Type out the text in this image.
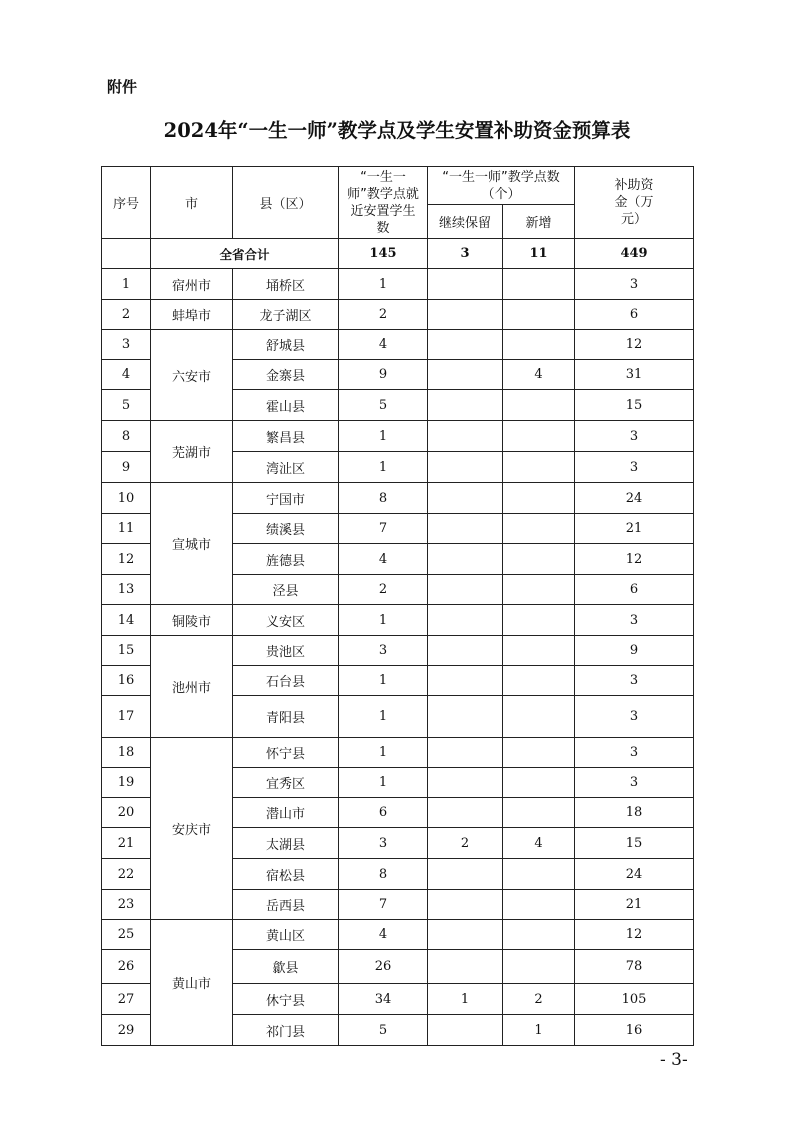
附件
2024年“一生一师”教学点及学生安置补助资金预算表
序号	市	县（区）	“一生一师”教学点就近安置学生数	“一生一师”教学点数（个）		补助资金（万元）
				继续保留	新增	
	全省合计		145	3	11	449
1	宿州市	埇桥区	1			3
2	蚌埠市	龙子湖区	2			6
3	六安市	舒城县	4			12
4		金寨县	9		4	31
5		霍山县	5			15
8	芜湖市	繁昌县	1			3
9		湾沚区	1			3
10	宣城市	宁国市	8			24
11		绩溪县	7			21
12		旌德县	4			12
13		泾县	2			6
14	铜陵市	义安区	1			3
15	池州市	贵池区	3			9
16		石台县	1			3
17		青阳县	1			3
18	安庆市	怀宁县	1			3
19		宜秀区	1			3
20		潜山市	6			18
21		太湖县	3	2	4	15
22		宿松县	8			24
23		岳西县	7			21
25	黄山市	黄山区	4			12
26		歙县	26			78
27		休宁县	34	1	2	105
29		祁门县	5		1	16
- 3-
